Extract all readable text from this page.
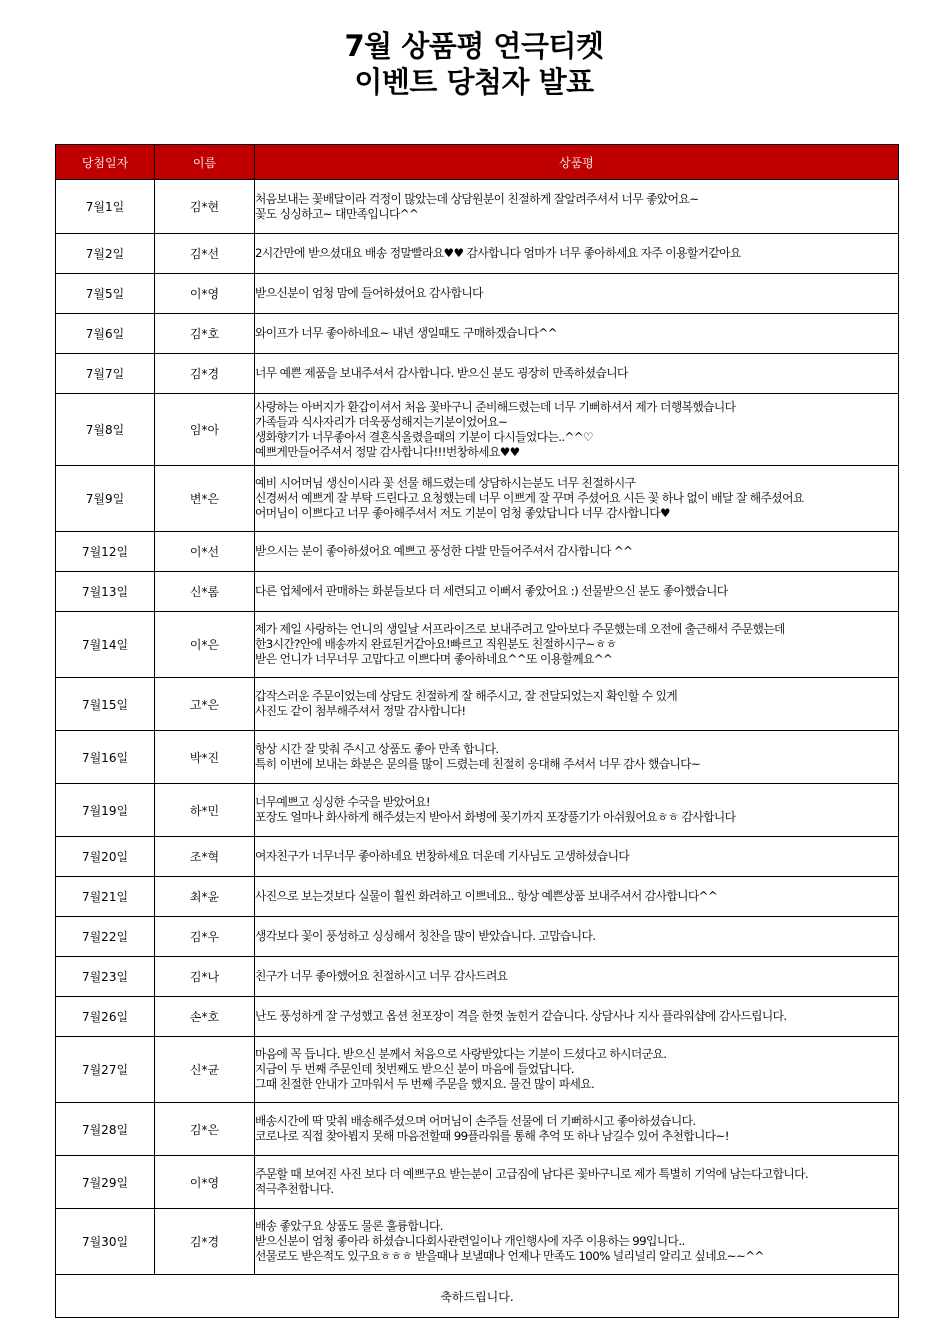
7월 상품평 연극티켓
이벤트 당첨자 발표
당첨일자	이름	상품평
7월1일	김*현	처음보내는 꽃배달이라 걱정이 많았는데 상담원분이 친절하게 잘알려주셔서 너무 좋았어요~
꽃도 싱싱하고~ 대만족입니다^^

7월2일	김*선	2시간만에 받으셨대요 배송 정말빨라요♥♥ 감사합니다 엄마가 너무 좋아하세요 자주 이용할거같아요

7월5일	이*영	받으신분이 엄청 맘에 들어하셨어요 감사합니다

7월6일	김*호	와이프가 너무 좋아하네요~ 내년 생일때도 구매하겠습니다^^

7월7일	김*경	너무 예쁜 제품을 보내주셔서 감사합니다. 받으신 분도 굉장히 만족하셨습니다

7월8일	임*아	사랑하는 아버지가 환갑이셔서 처음 꽃바구니 준비해드렸는데 너무 기뻐하셔서 제가 더행복했습니다
가족들과 식사자리가 더욱풍성해지는기분이었어요~
생화향기가 너무좋아서 결혼식올렸을때의 기분이 다시들었다는..^^♡
예쁘게만들어주셔서 정말 감사합니다!!!번창하세요♥♥

7월9일	변*은	예비 시어머님 생신이시라 꽃 선물 해드렸는데 상담하시는분도 너무 친절하시구
신경써서 예쁘게 잘 부탁 드린다고 요청했는데 너무 이쁘게 잘 꾸며 주셨어요 시든 꽃 하나 없이 배달 잘 해주셨어요
어머님이 이쁘다고 너무 좋아해주셔서 저도 기분이 엄청 좋았답니다 너무 감사합니다♥

7월12일	이*선	받으시는 분이 좋아하셨어요 예쁘고 풍성한 다발 만들어주셔서 감사합니다 ^^

7월13일	신*롬	다른 업체에서 판매하는 화분들보다 더 세련되고 이뻐서 좋았어요 :) 선물받으신 분도 좋아했습니다

7월14일	이*은	제가 제일 사랑하는 언니의 생일날 서프라이즈로 보내주려고 알아보다 주문했는데 오전에 출근해서 주문했는데
한3시간?안에 배송까지 완료된거같아요!빠르고 직원분도 친절하시구~ㅎㅎ
받은 언니가 너무너무 고맙다고 이쁘다며 좋아하네요^^또 이용할께요^^

7월15일	고*은	갑작스러운 주문이었는데 상담도 친절하게 잘 해주시고, 잘 전달되었는지 확인할 수 있게
사진도 같이 첨부해주셔서 정말 감사합니다!

7월16일	박*진	항상 시간 잘 맞춰 주시고 상품도 좋아 만족 합니다.
특히 이번에 보내는 화분은 문의를 많이 드렸는데 친절히 응대해 주셔서 너무 감사 했습니다~

7월19일	하*민	너무예쁘고 싱싱한 수국을 받았어요!
포장도 얼마나 화사하게 해주셨는지 받아서 화병에 꽂기까지 포장풀기가 아쉬웠어요ㅎㅎ 감사합니다

7월20일	조*혁	여자친구가 너무너무 좋아하네요 번창하세요 더운데 기사님도 고생하셨습니다

7월21일	최*윤	사진으로 보는것보다 실물이 훨씬 화려하고 이쁘네요.. 항상 예쁜상품 보내주셔서 감사합니다^^

7월22일	김*우	생각보다 꽃이 풍성하고 싱싱해서 칭찬을 많이 받았습니다. 고맙습니다.

7월23일	김*나	친구가 너무 좋아했어요 친절하시고 너무 감사드려요

7월26일	손*호	난도 풍성하게 잘 구성했고 옵션 천포장이 격을 한껏 높힌거 같습니다. 상담사나 지사 플라워샵에 감사드립니다.

7월27일	신*균	마음에 꼭 듭니다. 받으신 분께서 처음으로 사랑받았다는 기분이 드셨다고 하시더군요.
지금이 두 번째 주문인데 첫번째도 받으신 분이 마음에 들었답니다.
그때 친절한 안내가 고마워서 두 번째 주문을 했지요. 물건 많이 파세요.

7월28일	김*은	배송시간에 딱 맞춰 배송해주셨으며 어머님이 손주들 선물에 더 기뻐하시고 좋아하셨습니다.
코로나로 직접 찾아뵙지 못해 마음전할때 99플라워를 통해 추억 또 하나 남길수 있어 추천합니다~!

7월29일	이*영	주문할 때 보여진 사진 보다 더 예쁘구요 받는분이 고급짐에 남다른 꽃바구니로 제가 특별히 기억에 남는다고합니다.
적극추천합니다.

7월30일	김*경	배송 좋았구요 상품도 물론 훌륭합니다.
받으신분이 엄청 좋아라 하셨습니다회사관련일이나 개인행사에 자주 이용하는 99입니다..
선물로도 받은적도 있구요ㅎㅎㅎ 받을때나 보낼때나 언제나 만족도 100% 널리널리 알리고 싶네요~~^^

축하드립니다.		
